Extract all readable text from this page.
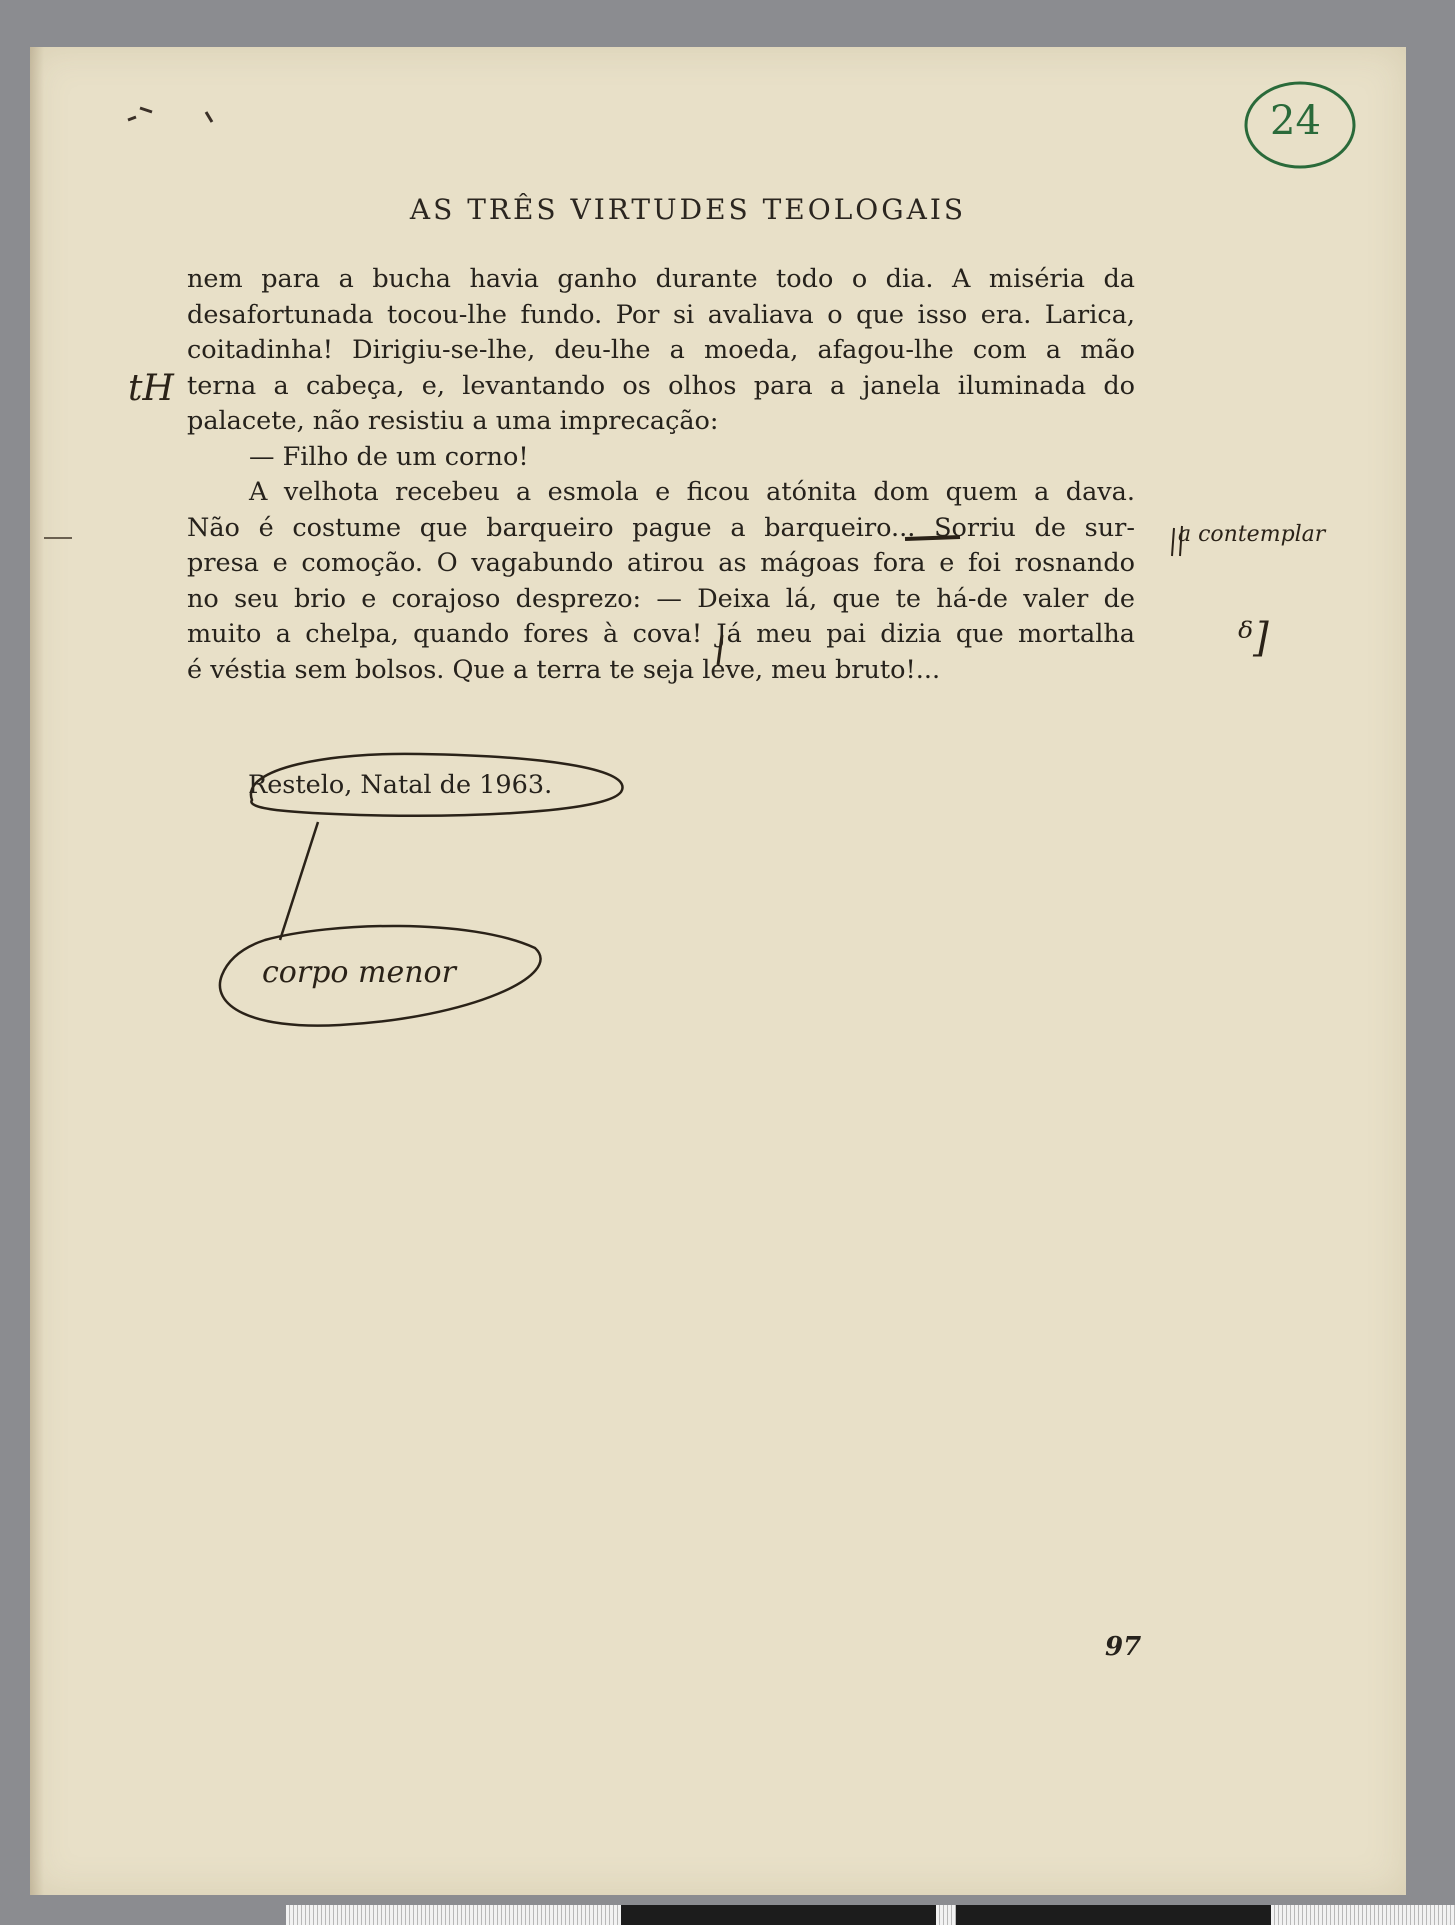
24
AS TRÊS VIRTUDES TEOLOGAIS
nem para a bucha havia ganho durante todo o dia. A miséria da
desafortunada tocou-lhe fundo. Por si avaliava o que isso era. Larica,
coitadinha! Dirigiu-se-lhe, deu-lhe a moeda, afagou-lhe com a mão
terna a cabeça, e, levantando os olhos para a janela iluminada do
palacete, não resistiu a uma imprecação:
— Filho de um corno!
A velhota recebeu a esmola e ficou atónita dom quem a dava.
Não é costume que barqueiro pague a barqueiro... Sorriu de sur-
presa e comoção. O vagabundo atirou as mágoas fora e foi rosnando
no seu brio e corajoso desprezo: — Deixa lá, que te há-de valer de
muito a chelpa, quando fores à cova! Já meu pai dizia que mortalha
é véstia sem bolsos. Que a terra te seja leve, meu bruto!...
Restelo, Natal de 1963.
tH
a contemplar
ᵟ]
corpo menor
97
